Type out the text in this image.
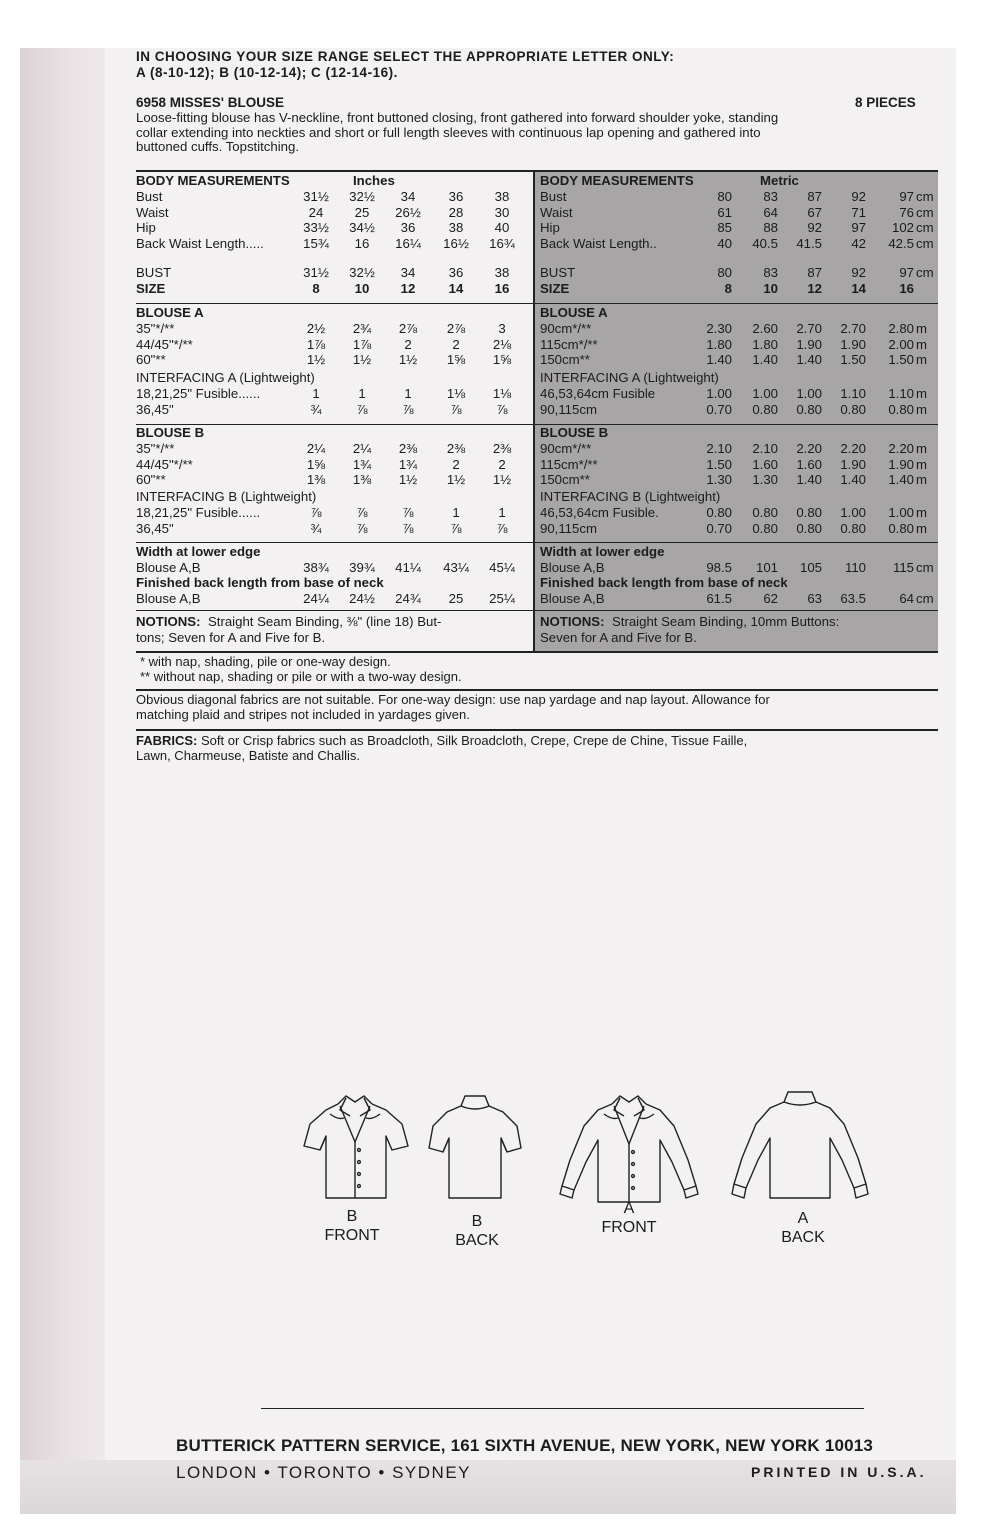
IN CHOOSING YOUR SIZE RANGE SELECT THE APPROPRIATE LETTER ONLY:
A (8-10-12); B (10-12-14); C (12-14-16).
6958 MISSES' BLOUSE	8 PIECES
Loose-fitting blouse has V-neckline, front buttoned closing, front gathered into forward shoulder yoke, standing
collar extending into neckties and short or full length sleeves with continuous lap opening and gathered into
buttoned cuffs. Topstitching.
BODY MEASUREMENTS	Inches
Bust	31½	32½	34	36	38
Waist	24	25	26½	28	30
Hip	33½	34½	36	38	40
Back Waist Length.....	15¾	16	16¼	16½	16¾
BUST	31½	32½	34	36	38
SIZE	8	10	12	14	16
BLOUSE A
35"*/**	2½	2¾	2⅞	2⅞	3
44/45"*/**	1⅞	1⅞	2	2	2⅛
60"**	1½	1½	1½	1⅝	1⅝
INTERFACING A (Lightweight)
18,21,25" Fusible......	1	1	1	1⅛	1⅛
36,45"	¾	⅞	⅞	⅞	⅞
BLOUSE B
35"*/**	2¼	2¼	2⅜	2⅜	2⅜
44/45"*/**	1⅝	1¾	1¾	2	2
60"**	1⅜	1⅜	1½	1½	1½
INTERFACING B (Lightweight)
18,21,25" Fusible......	⅞	⅞	⅞	1	1
36,45"	¾	⅞	⅞	⅞	⅞
Width at lower edge
Blouse A,B	38¾	39¾	41¼	43¼	45¼
Finished back length from base of neck
Blouse A,B	24¼	24½	24¾	25	25¼
NOTIONS: Straight Seam Binding, ⅜" (line 18) But-
tons; Seven for A and Five for B.
BODY MEASUREMENTS	Metric
Bust	80	83	87	92	97 cm
Waist	61	64	67	71	76 cm
Hip	85	88	92	97	102 cm
Back Waist Length..	40	40.5	41.5	42	42.5 cm
BUST	80	83	87	92	97 cm
SIZE	8	10	12	14	16
BLOUSE A
90cm*/**	2.30	2.60	2.70	2.70	2.80 m
115cm*/**	1.80	1.80	1.90	1.90	2.00 m
150cm**	1.40	1.40	1.40	1.50	1.50 m
INTERFACING A (Lightweight)
46,53,64cm Fusible	1.00	1.00	1.00	1.10	1.10 m
90,115cm	0.70	0.80	0.80	0.80	0.80 m
BLOUSE B
90cm*/**	2.10	2.10	2.20	2.20	2.20 m
115cm*/**	1.50	1.60	1.60	1.90	1.90 m
150cm**	1.30	1.30	1.40	1.40	1.40 m
INTERFACING B (Lightweight)
46,53,64cm Fusible.	0.80	0.80	0.80	1.00	1.00 m
90,115cm	0.70	0.80	0.80	0.80	0.80 m
Width at lower edge
Blouse A,B	98.5	101	105	110	115 cm
Finished back length from base of neck
Blouse A,B	61.5	62	63	63.5	64 cm
NOTIONS: Straight Seam Binding, 10mm Buttons:
Seven for A and Five for B.
* with nap, shading, pile or one-way design.
** without nap, shading or pile or with a two-way design.
Obvious diagonal fabrics are not suitable. For one-way design: use nap yardage and nap layout. Allowance for
matching plaid and stripes not included in yardages given.
FABRICS: Soft or Crisp fabrics such as Broadcloth, Silk Broadcloth, Crepe, Crepe de Chine, Tissue Faille,
Lawn, Charmeuse, Batiste and Challis.
B
FRONT
B
BACK
A
FRONT
A
BACK
BUTTERICK PATTERN SERVICE, 161 SIXTH AVENUE, NEW YORK, NEW YORK 10013
LONDON • TORONTO • SYDNEY	PRINTED IN U.S.A.
